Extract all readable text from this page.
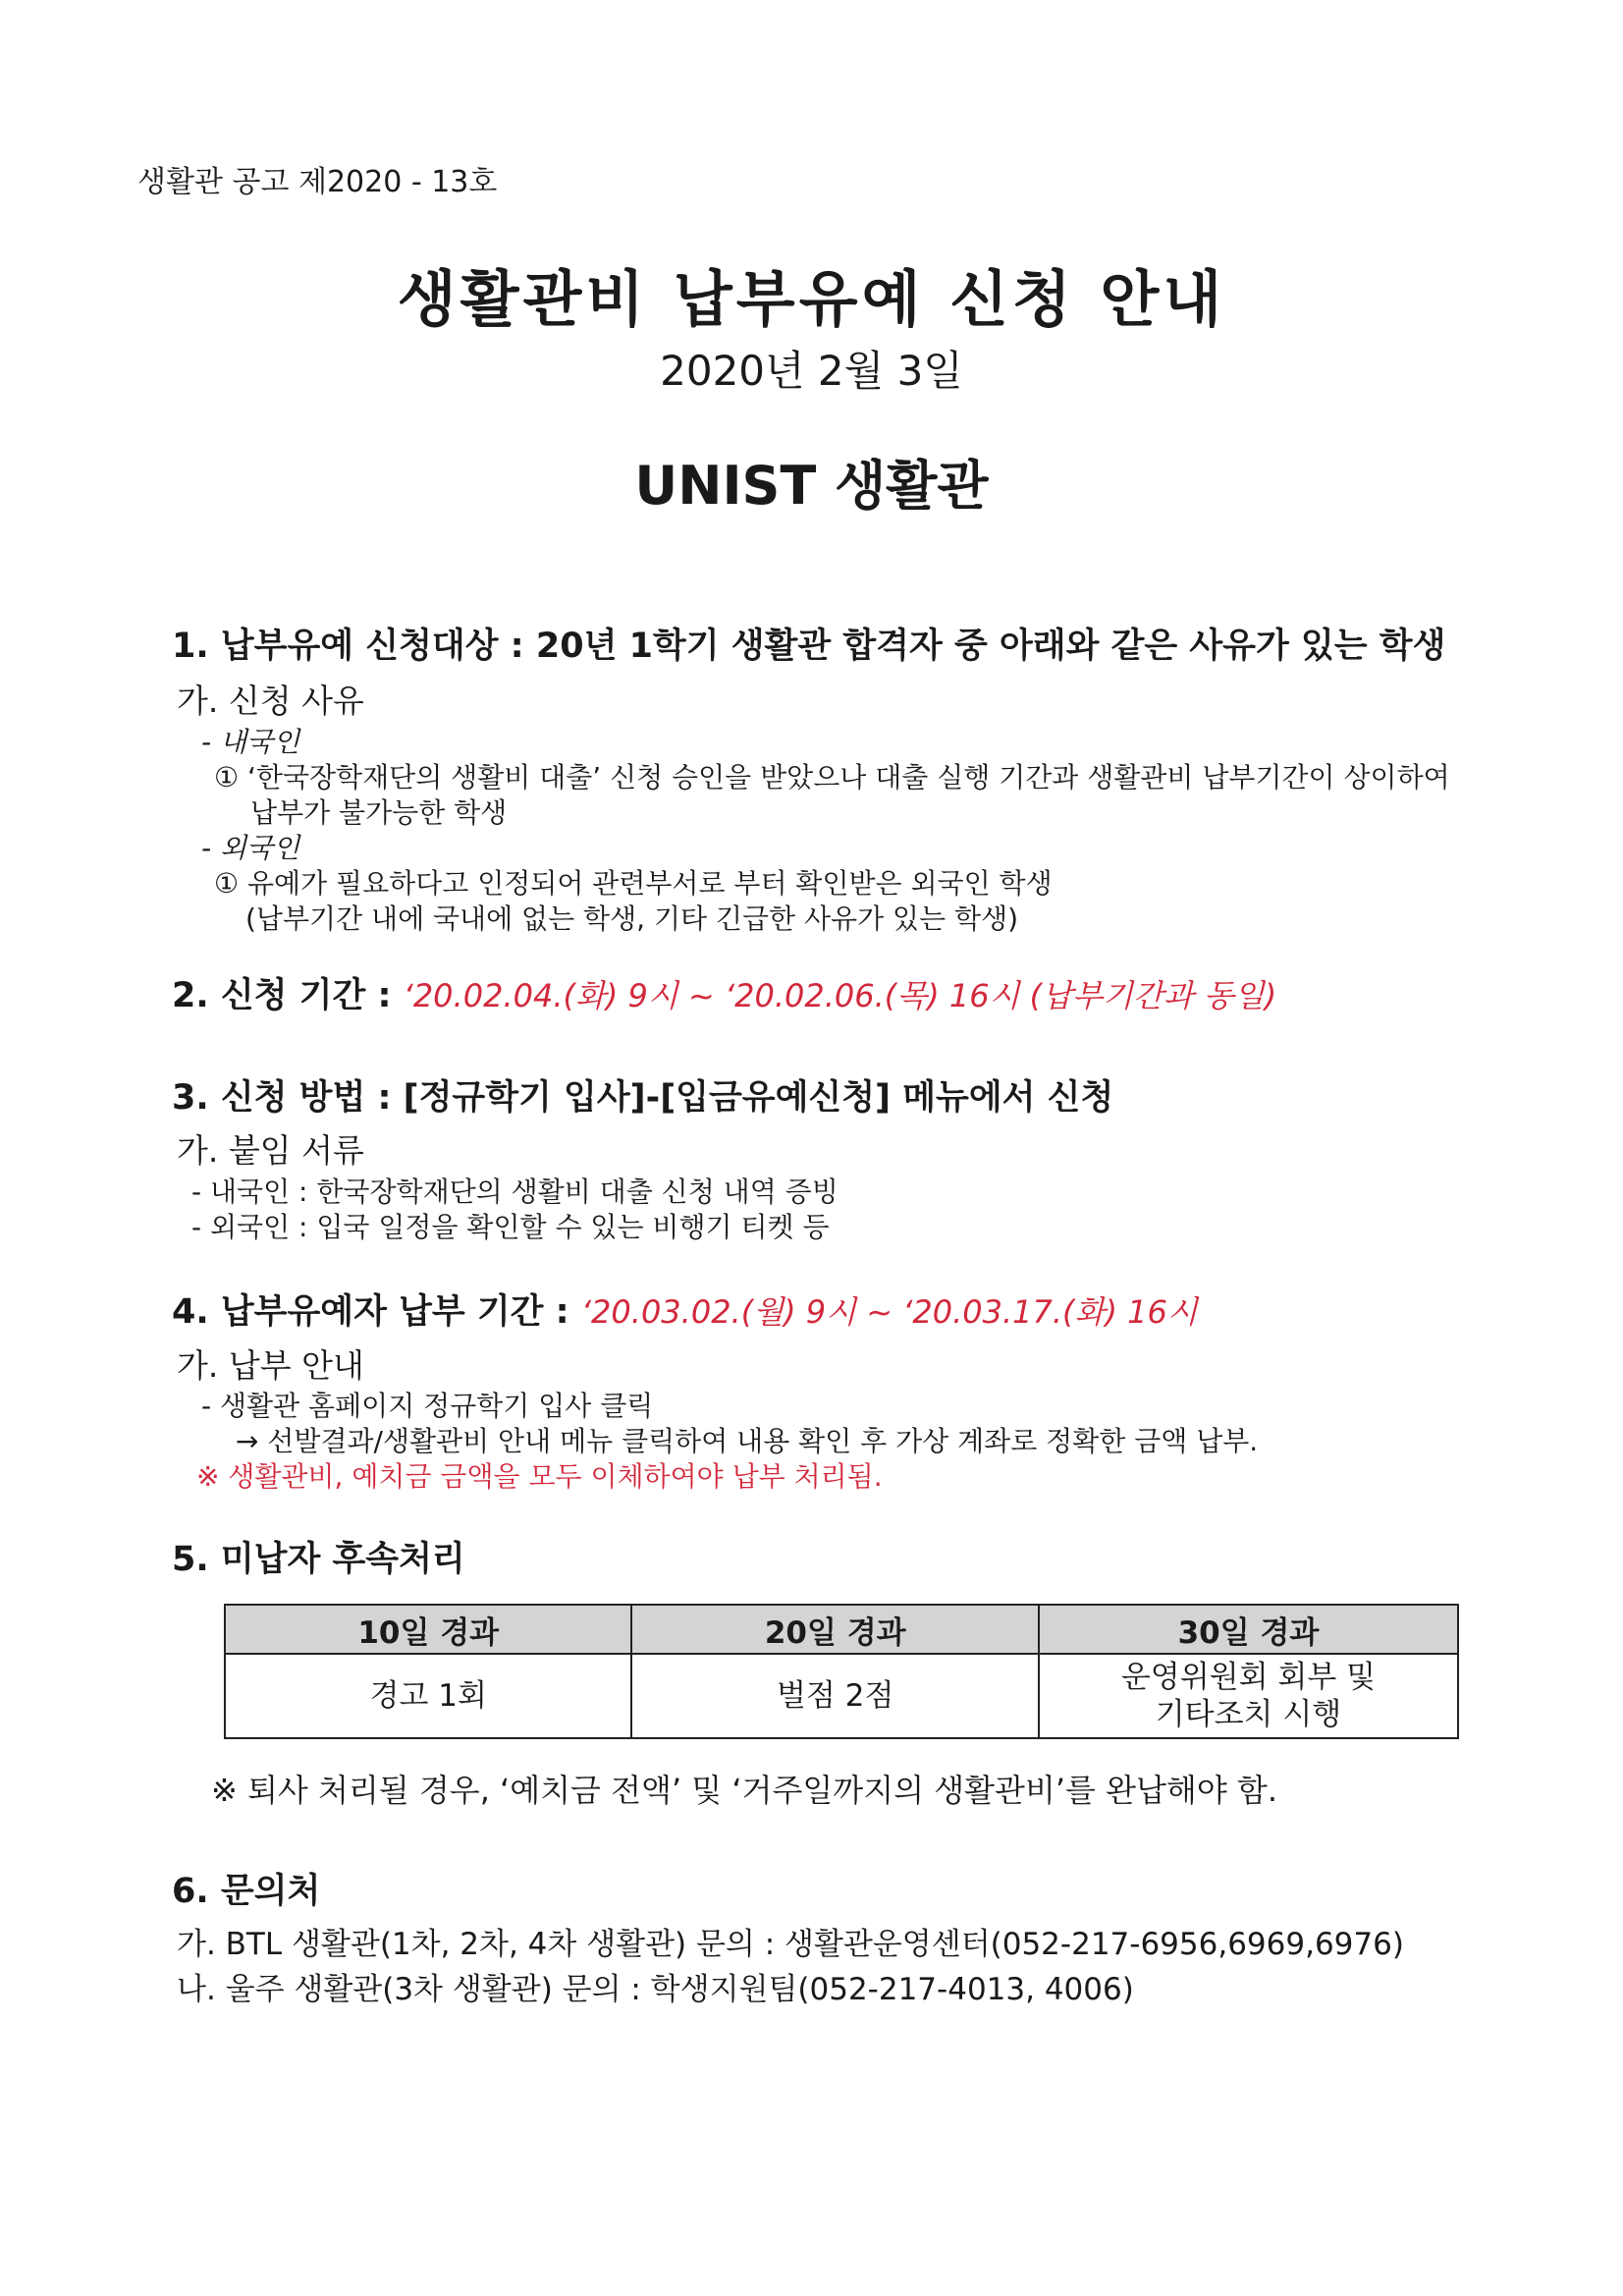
생활관 공고 제2020 - 13호
생활관비 납부유예 신청 안내
2020년 2월 3일
UNIST 생활관
1. 납부유예 신청대상 : 20년 1학기 생활관 합격자 중 아래와 같은 사유가 있는 학생
가. 신청 사유
- 내국인
① ‘한국장학재단의 생활비 대출’ 신청 승인을 받았으나 대출 실행 기간과 생활관비 납부기간이 상이하여
납부가 불가능한 학생
- 외국인
① 유예가 필요하다고 인정되어 관련부서로 부터 확인받은 외국인 학생
(납부기간 내에 국내에 없는 학생, 기타 긴급한 사유가 있는 학생)
2. 신청 기간 : ‘20.02.04.(화) 9시 ~ ‘20.02.06.(목) 16시 (납부기간과 동일)
3. 신청 방법 : [정규학기 입사]-[입금유예신청] 메뉴에서 신청
가. 붙임 서류
- 내국인 : 한국장학재단의 생활비 대출 신청 내역 증빙
- 외국인 : 입국 일정을 확인할 수 있는 비행기 티켓 등
4. 납부유예자 납부 기간 : ‘20.03.02.(월) 9시 ~ ‘20.03.17.(화) 16시
가. 납부 안내
- 생활관 홈페이지 정규학기 입사 클릭
→ 선발결과/생활관비 안내 메뉴 클릭하여 내용 확인 후 가상 계좌로 정확한 금액 납부.
※ 생활관비, 예치금 금액을 모두 이체하여야 납부 처리됨.
5. 미납자 후속처리
10일 경과	20일 경과	30일 경과
경고 1회	벌점 2점	운영위원회 회부 및
기타조치 시행
※ 퇴사 처리될 경우, ‘예치금 전액’ 및 ‘거주일까지의 생활관비’를 완납해야 함.
6. 문의처
가. BTL 생활관(1차, 2차, 4차 생활관) 문의 : 생활관운영센터(052-217-6956,6969,6976)
나. 울주 생활관(3차 생활관) 문의 : 학생지원팀(052-217-4013, 4006)
